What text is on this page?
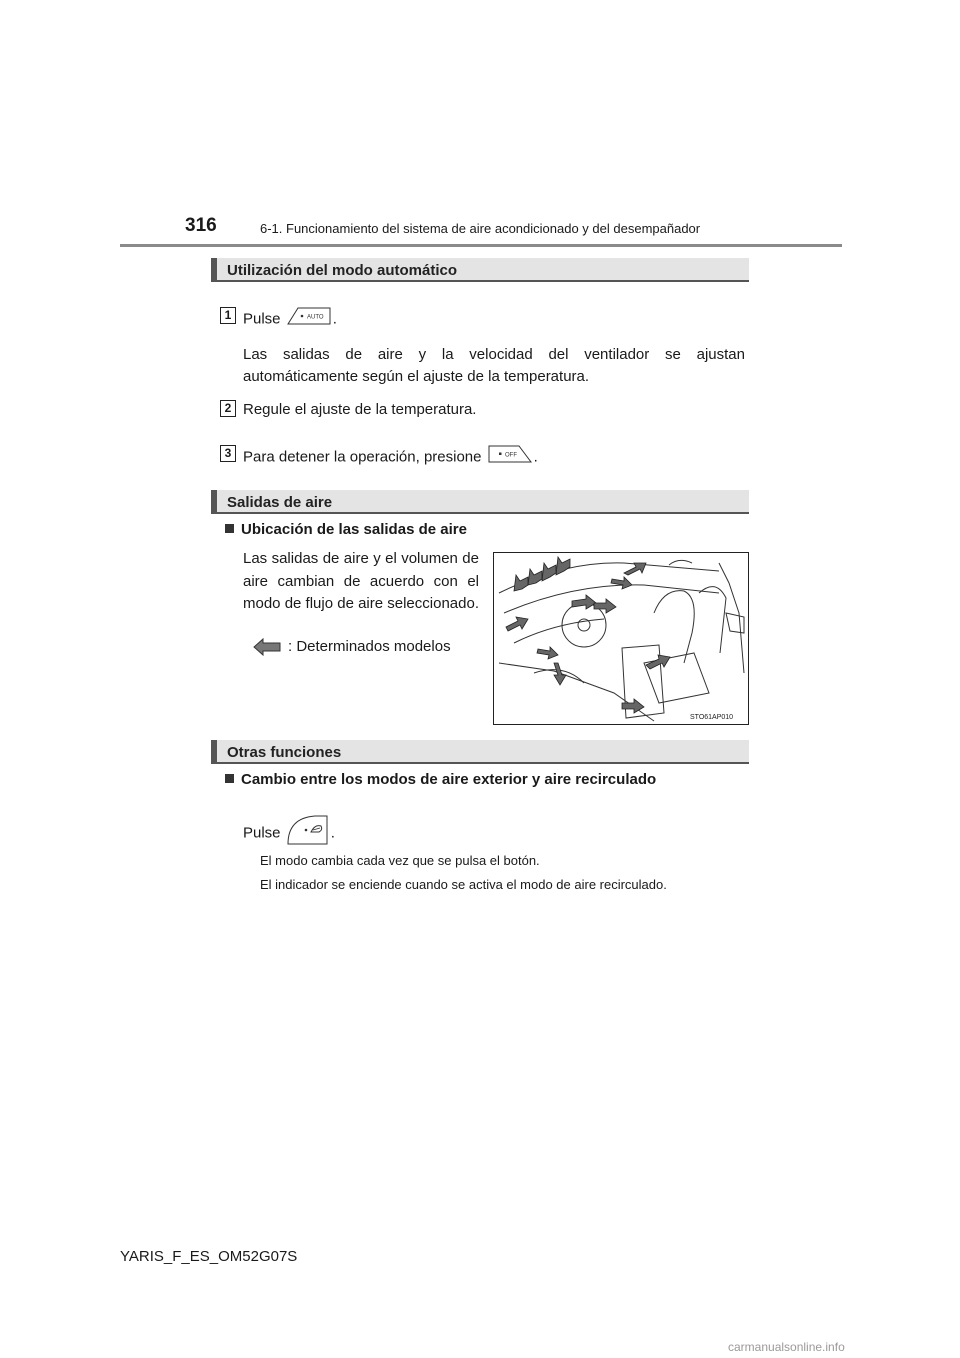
316	6-1. Funcionamiento del sistema de aire acondicionado y del desempañador
Utilización del modo automático
1 Pulse	AUTO .
Las salidas de aire y la velocidad del ventilador se ajustan automáticamente según el ajuste de la temperatura.
2 Regule el ajuste de la temperatura.
3 Para detener la operación, presione	OFF .
Salidas de aire
Ubicación de las salidas de aire
Las salidas de aire y el volumen de aire cambian de acuerdo con el modo de flujo de aire seleccionado.
: Determinados modelos
STO61AP010
Otras funciones
Cambio entre los modos de aire exterior y aire recirculado
Pulse	.
El modo cambia cada vez que se pulsa el botón.
El indicador se enciende cuando se activa el modo de aire recirculado.
YARIS_F_ES_OM52G07S
carmanualsonline.info
